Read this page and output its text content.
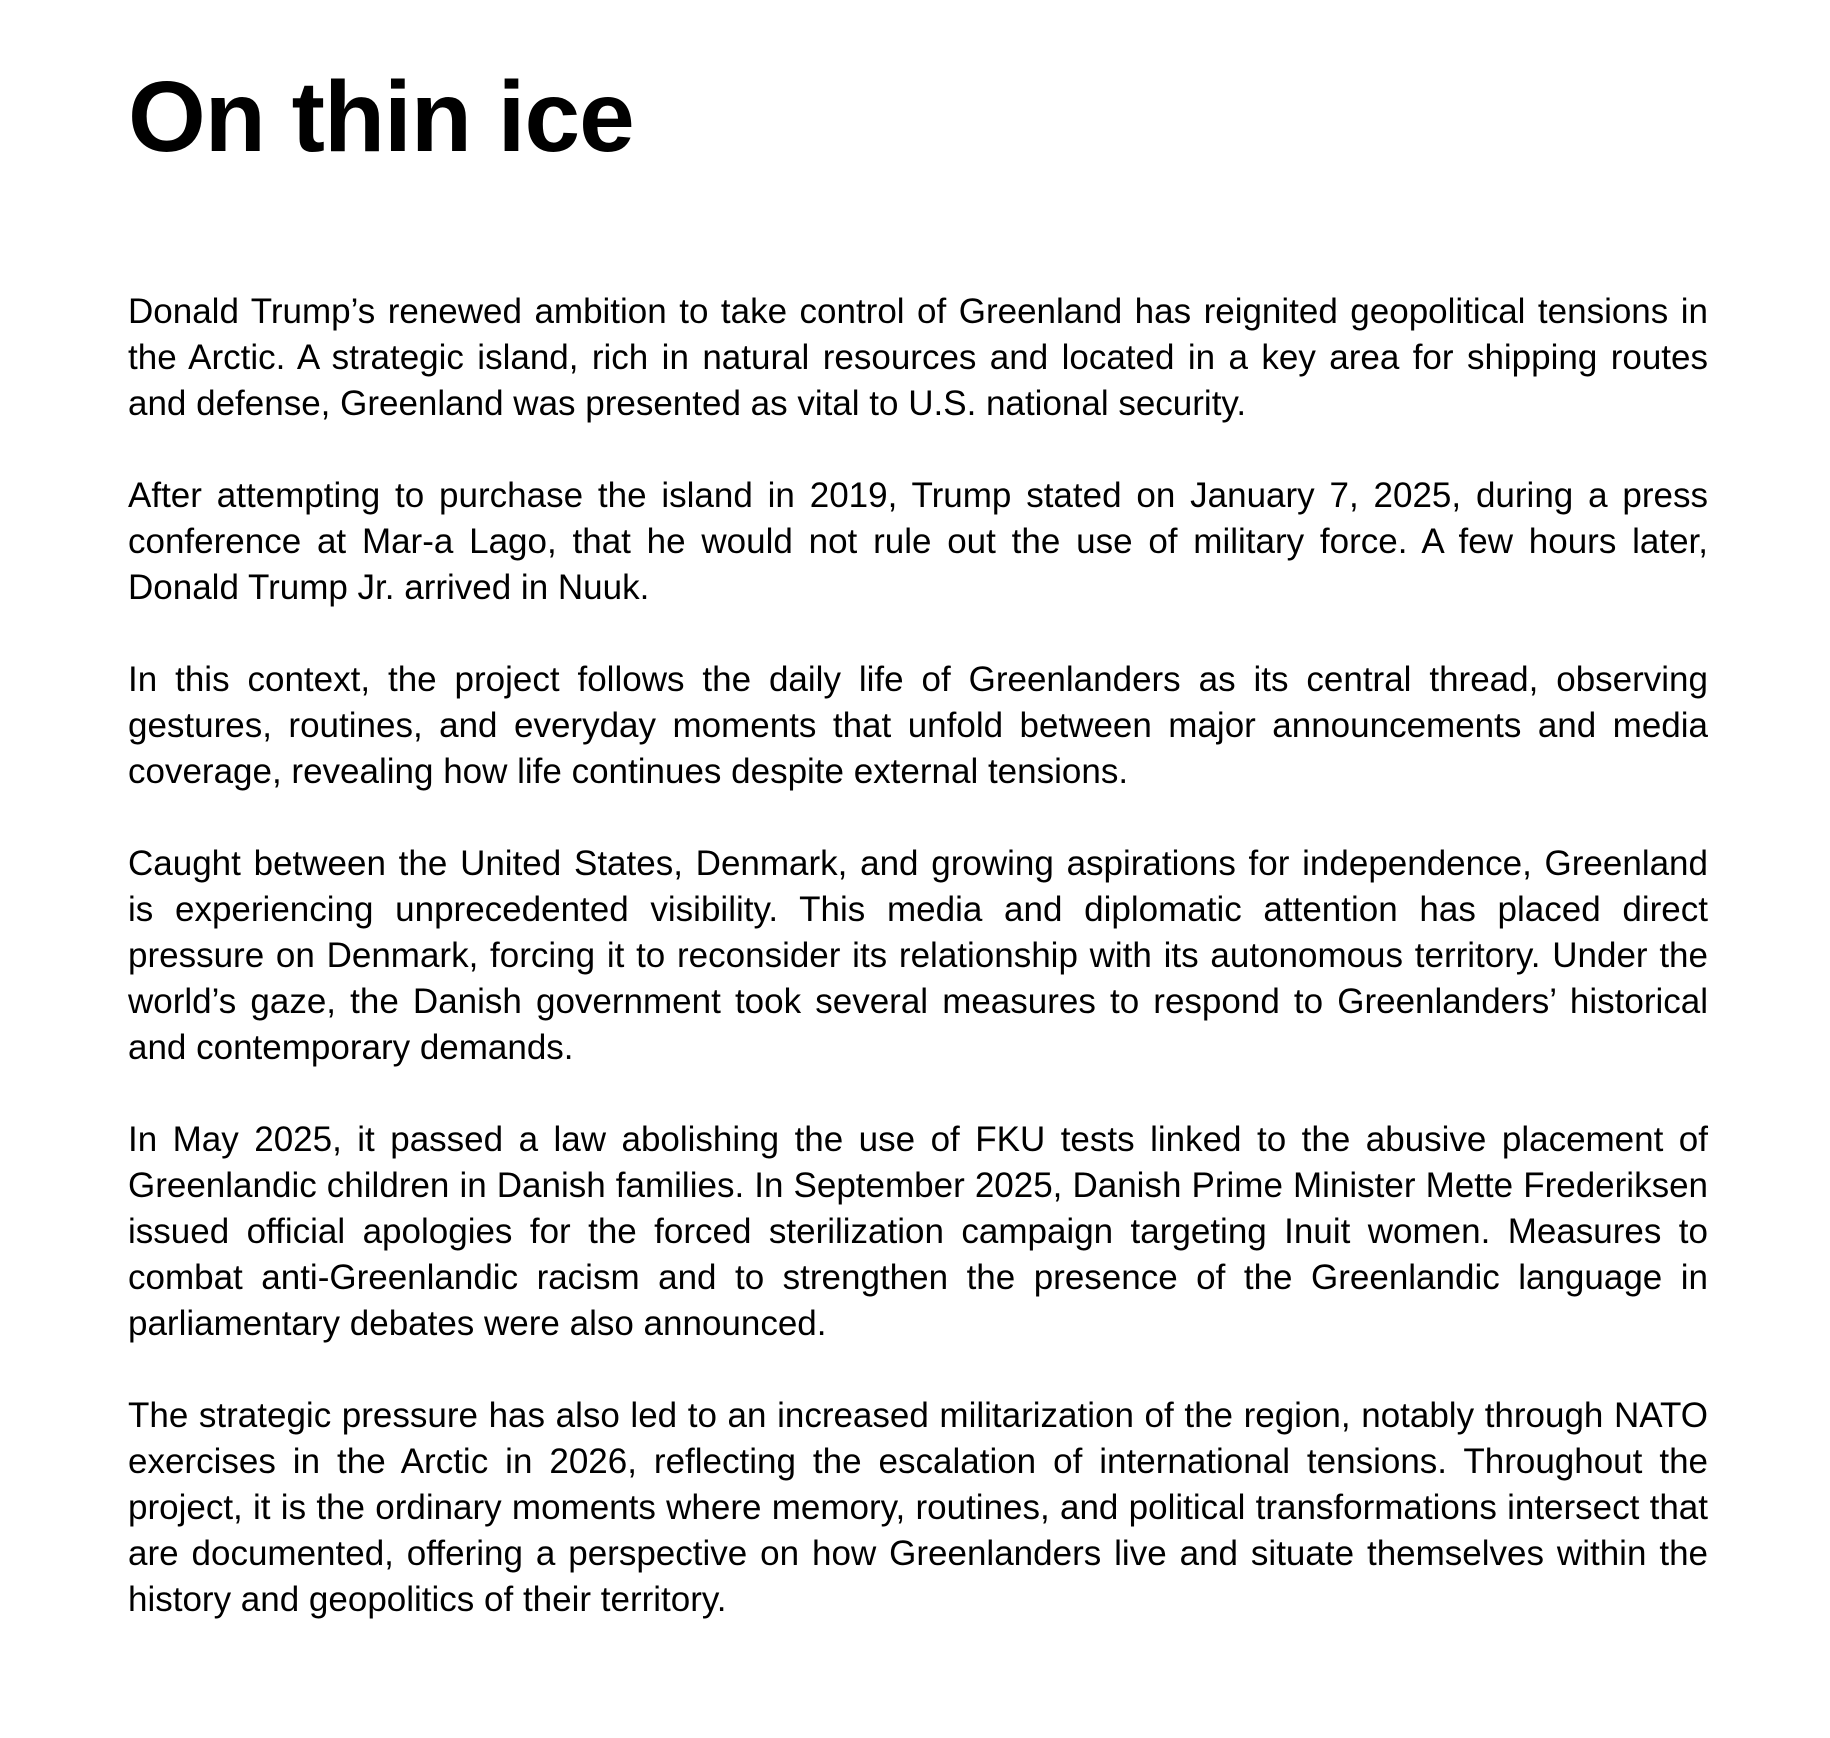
On thin ice

Donald Trump’s renewed ambition to take control of Greenland has reignited geopolitical tensions in the Arctic. A strategic island, rich in natural resources and located in a key area for shipping routes and defense, Greenland was presented as vital to U.S. national security.

After attempting to purchase the island in 2019, Trump stated on January 7, 2025, during a press conference at Mar-a Lago, that he would not rule out the use of military force. A few hours later, Donald Trump Jr. arrived in Nuuk.

In this context, the project follows the daily life of Greenlanders as its central thread, observing gestures, routines, and everyday moments that unfold between major announcements and media coverage, revealing how life continues despite external tensions.

Caught between the United States, Denmark, and growing aspirations for independence, Greenland is experiencing unprecedented visibility. This media and diplomatic attention has placed direct pressure on Denmark, forcing it to reconsider its relationship with its autonomous territory. Under the world’s gaze, the Danish government took several measures to respond to Greenlanders’ historical and contemporary demands.

In May 2025, it passed a law abolishing the use of FKU tests linked to the abusive placement of Greenlandic children in Danish families. In September 2025, Danish Prime Minister Mette Frederiksen issued official apologies for the forced sterilization campaign targeting Inuit women. Measures to combat anti-Greenlandic racism and to strengthen the presence of the Greenlandic language in parliamentary debates were also announced.

The strategic pressure has also led to an increased militarization of the region, notably through NATO exercises in the Arctic in 2026, reflecting the escalation of international tensions. Throughout the project, it is the ordinary moments where memory, routines, and political transformations intersect that are documented, offering a perspective on how Greenlanders live and situate themselves within the history and geopolitics of their territory.
